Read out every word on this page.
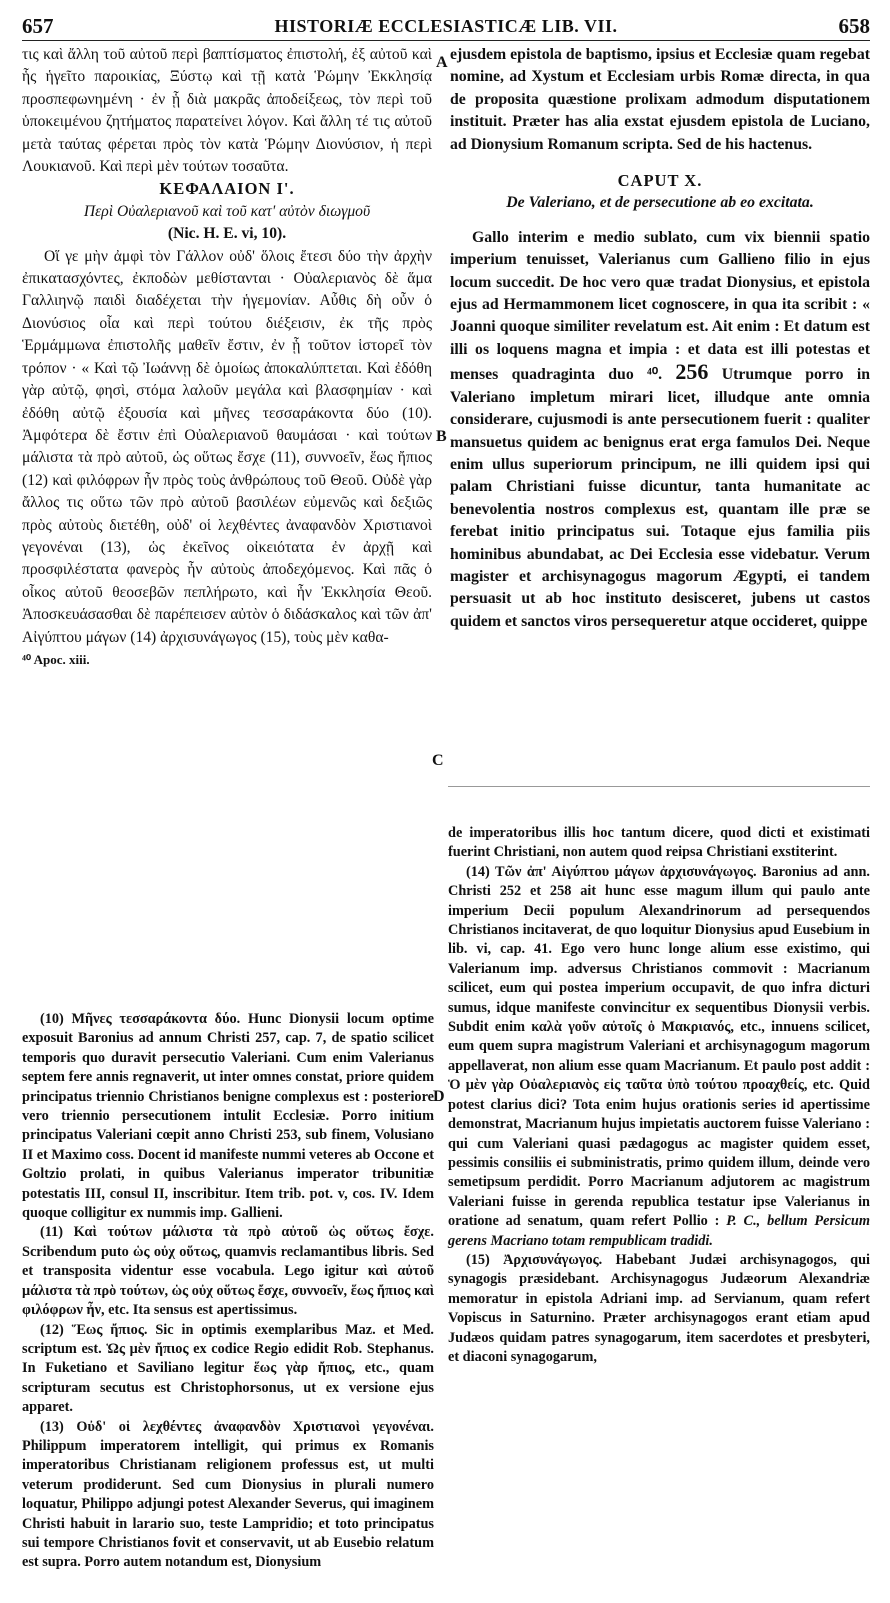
657	HISTORIÆ ECCLESIASTICÆ LIB. VII.	658
A
B
C
D

τις καὶ ἄλλη τοῦ αὐτοῦ περὶ βαπτίσματος ἐπιστολή, ἐξ αὐτοῦ καὶ ἧς ἡγεῖτο παροικίας, Ξύστῳ καὶ τῇ κατὰ Ῥώμην Ἐκκλησίᾳ προσπεφωνημένη · ἐν ᾗ διὰ μακρᾶς ἀποδείξεως, τὸν περὶ τοῦ ὑποκειμένου ζητήματος παρατείνει λόγον. Καὶ ἄλλη τέ τις αὐτοῦ μετὰ ταύτας φέρεται πρὸς τὸν κατὰ Ῥώμην Διονύσιον, ἡ περὶ Λουκιανοῦ. Καὶ περὶ μὲν τούτων τοσαῦτα.

ΚΕΦΑΛΑΙΟΝ Ι'.

Περὶ Οὐαλεριανοῦ καὶ τοῦ κατ' αὐτὸν διωγμοῦ

(Nic. H. E. vi, 10).

Οἵ γε μὴν ἀμφὶ τὸν Γάλλον οὐδ' ὅλοις ἔτεσι δύο τὴν ἀρχὴν ἐπικατασχόντες, ἐκποδὼν μεθίστανται · Οὐαλεριανὸς δὲ ἅμα Γαλλιηνῷ παιδὶ διαδέχεται τὴν ἡγεμονίαν. Αὖθις δὴ οὖν ὁ Διονύσιος οἷα καὶ περὶ τούτου διέξεισιν, ἐκ τῆς πρὸς Ἑρμάμμωνα ἐπιστολῆς μαθεῖν ἔστιν, ἐν ᾗ τοῦτον ἱστορεῖ τὸν τρόπον · « Καὶ τῷ Ἰωάννῃ δὲ ὁμοίως ἀποκαλύπτεται. Καὶ ἐδόθη γὰρ αὐτῷ, φησὶ, στόμα λαλοῦν μεγάλα καὶ βλασφημίαν · καὶ ἐδόθη αὐτῷ ἐξουσία καὶ μῆνες τεσσαράκοντα δύο (10). Ἀμφότερα δὲ ἔστιν ἐπὶ Οὐαλεριανοῦ θαυμάσαι · καὶ τούτων μάλιστα τὰ πρὸ αὐτοῦ, ὡς οὕτως ἔσχε (11), συννοεῖν, ἕως ἤπιος (12) καὶ φιλόφρων ἦν πρὸς τοὺς ἀνθρώπους τοῦ Θεοῦ. Οὐδὲ γὰρ ἄλλος τις οὕτω τῶν πρὸ αὐτοῦ βασιλέων εὐμενῶς καὶ δεξιῶς πρὸς αὐτοὺς διετέθη, οὐδ' οἱ λεχθέντες ἀναφανδὸν Χριστιανοὶ γεγονέναι (13), ὡς ἐκεῖνος οἰκειότατα ἐν ἀρχῇ καὶ προσφιλέστατα φανερὸς ἦν αὐτοὺς ἀποδεχόμενος. Καὶ πᾶς ὁ οἶκος αὐτοῦ θεοσεβῶν πεπλήρωτο, καὶ ἦν Ἐκκλησία Θεοῦ. Ἀποσκευάσασθαι δὲ παρέπεισεν αὐτὸν ὁ διδάσκαλος καὶ τῶν ἀπ' Αἰγύπτου μάγων (14) ἀρχισυνάγωγος (15), τοὺς μὲν καθα-

⁴⁰ Apoc. xiii.

ejusdem epistola de baptismo, ipsius et Ecclesiæ quam regebat nomine, ad Xystum et Ecclesiam urbis Romæ directa, in qua de proposita quæstione prolixam admodum disputationem instituit. Præter has alia exstat ejusdem epistola de Luciano, ad Dionysium Romanum scripta. Sed de his hactenus.

CAPUT X.

De Valeriano, et de persecutione ab eo excitata.

Gallo interim e medio sublato, cum vix biennii spatio imperium tenuisset, Valerianus cum Gallieno filio in ejus locum succedit. De hoc vero quæ tradat Dionysius, et epistola ejus ad Hermammonem licet cognoscere, in qua ita scribit : « Joanni quoque similiter revelatum est. Ait enim : Et datum est illi os loquens magna et impia : et data est illi potestas et menses quadraginta duo ⁴⁰. 256 Utrumque porro in Valeriano impletum mirari licet, illudque ante omnia considerare, cujusmodi is ante persecutionem fuerit : qualiter mansuetus quidem ac benignus erat erga famulos Dei. Neque enim ullus superiorum principum, ne illi quidem ipsi qui palam Christiani fuisse dicuntur, tanta humanitate ac benevolentia nostros complexus est, quantam ille præ se ferebat initio principatus sui. Totaque ejus familia piis hominibus abundabat, ac Dei Ecclesia esse videbatur. Verum magister et archisynagogus magorum Ægypti, ei tandem persuasit ut ab hoc instituto desisceret, jubens ut castos quidem et sanctos viros persequeretur atque occideret, quippe

(10) Μῆνες τεσσαράκοντα δύο. Hunc Dionysii locum optime exposuit Baronius ad annum Christi 257, cap. 7, de spatio scilicet temporis quo duravit persecutio Valeriani. Cum enim Valerianus septem fere annis regnaverit, ut inter omnes constat, priore quidem principatus triennio Christianos benigne complexus est : posteriore vero triennio persecutionem intulit Ecclesiæ. Porro initium principatus Valeriani cœpit anno Christi 253, sub finem, Volusiano II et Maximo coss. Docent id manifeste nummi veteres ab Occone et Goltzio prolati, in quibus Valerianus imperator tribunitiæ potestatis III, consul II, inscribitur. Item trib. pot. v, cos. IV. Idem quoque colligitur ex nummis imp. Gallieni.

(11) Καὶ τούτων μάλιστα τὰ πρὸ αὐτοῦ ὡς οὕτως ἔσχε. Scribendum puto ὡς οὐχ οὕτως, quamvis reclamantibus libris. Sed et transposita videntur esse vocabula. Lego igitur καὶ αὐτοῦ μάλιστα τὰ πρὸ τούτων, ὡς οὐχ οὕτως ἔσχε, συννοεῖν, ἕως ἤπιος καὶ φιλόφρων ἦν, etc. Ita sensus est apertissimus.

(12) Ἕως ἤπιος. Sic in optimis exemplaribus Maz. et Med. scriptum est. Ὡς μὲν ἤπιος ex codice Regio edidit Rob. Stephanus. In Fuketiano et Saviliano legitur ἕως γὰρ ἤπιος, etc., quam scripturam secutus est Christophorsonus, ut ex versione ejus apparet.

(13) Οὐδ' οἱ λεχθέντες ἀναφανδὸν Χριστιανοὶ γεγονέναι. Philippum imperatorem intelligit, qui primus ex Romanis imperatoribus Christianam religionem professus est, ut multi veterum prodiderunt. Sed cum Dionysius in plurali numero loquatur, Philippo adjungi potest Alexander Severus, qui imaginem Christi habuit in larario suo, teste Lampridio; et toto principatus sui tempore Christianos fovit et conservavit, ut ab Eusebio relatum est supra. Porro autem notandum est, Dionysium

de imperatoribus illis hoc tantum dicere, quod dicti et existimati fuerint Christiani, non autem quod reipsa Christiani exstiterint.

(14) Τῶν ἀπ' Αἰγύπτου μάγων ἀρχισυνάγωγος. Baronius ad ann. Christi 252 et 258 ait hunc esse magum illum qui paulo ante imperium Decii populum Alexandrinorum ad persequendos Christianos incitaverat, de quo loquitur Dionysius apud Eusebium in lib. vi, cap. 41. Ego vero hunc longe alium esse existimo, qui Valerianum imp. adversus Christianos commovit : Macrianum scilicet, eum qui postea imperium occupavit, de quo infra dicturi sumus, idque manifeste convincitur ex sequentibus Dionysii verbis. Subdit enim καλὰ γοῦν αὐτοῖς ὁ Μακριανός, etc., innuens scilicet, eum quem supra magistrum Valeriani et archisynagogum magorum appellaverat, non alium esse quam Macrianum. Et paulo post addit : Ὁ μὲν γὰρ Οὐαλεριανὸς εἰς ταῦτα ὑπὸ τούτου προαχθείς, etc. Quid potest clarius dici? Tota enim hujus orationis series id apertissime demonstrat, Macrianum hujus impietatis auctorem fuisse Valeriano : qui cum Valeriani quasi pædagogus ac magister quidem esset, pessimis consiliis ei subministratis, primo quidem illum, deinde vero semetipsum perdidit. Porro Macrianum adjutorem ac magistrum Valeriani fuisse in gerenda republica testatur ipse Valerianus in oratione ad senatum, quam refert Pollio : P. C., bellum Persicum gerens Macriano totam rempublicam tradidi.

(15) Ἀρχισυνάγωγος. Habebant Judæi archisynagogos, qui synagogis præsidebant. Archisynagogus Judæorum Alexandriæ memoratur in epistola Adriani imp. ad Servianum, quam refert Vopiscus in Saturnino. Præter archisynagogos erant etiam apud Judæos quidam patres synagogarum, item sacerdotes et presbyteri, et diaconi synagogarum,
